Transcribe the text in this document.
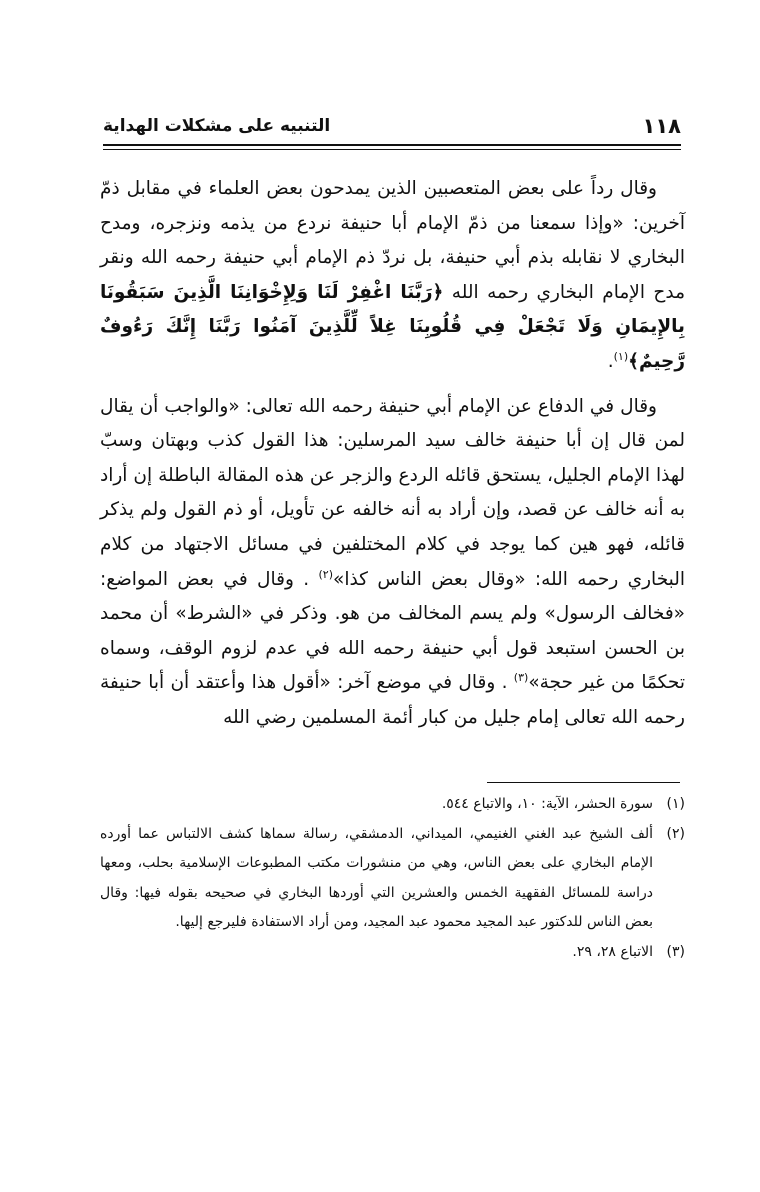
١١٨
التنبيه على مشكلات الهداية

وقال رداً على بعض المتعصبين الذين يمدحون بعض العلماء في مقابل ذمّ آخرين: «وإذا سمعنا من ذمّ الإمام أبا حنيفة نردع من يذمه ونزجره، ومدح البخاري لا نقابله بذم أبي حنيفة، بل نردّ ذم الإمام أبي حنيفة رحمه الله ونقر مدح الإمام البخاري رحمه الله ﴿رَبَّنَا اغْفِرْ لَنَا وَلِإِخْوَانِنَا الَّذِينَ سَبَقُونَا بِالإِيمَانِ وَلَا تَجْعَلْ فِي قُلُوبِنَا غِلاً لِّلَّذِينَ آمَنُوا رَبَّنَا إِنَّكَ رَءُوفٌ رَّحِيمٌ﴾$^{(١)}$.

وقال في الدفاع عن الإمام أبي حنيفة رحمه الله تعالى: «والواجب أن يقال لمن قال إن أبا حنيفة خالف سيد المرسلين: هذا القول كذب وبهتان وسبّ لهذا الإمام الجليل، يستحق قائله الردع والزجر عن هذه المقالة الباطلة إن أراد به أنه خالف عن قصد، وإن أراد به أنه خالفه عن تأويل، أو ذم القول ولم يذكر قائله، فهو هين كما يوجد في كلام المختلفين في مسائل الاجتهاد من كلام البخاري رحمه الله: «وقال بعض الناس كذا»$^{(٢)}$ . وقال في بعض المواضع: «فخالف الرسول» ولم يسم المخالف من هو. وذكر في «الشرط» أن محمد بن الحسن استبعد قول أبي حنيفة رحمه الله في عدم لزوم الوقف، وسماه تحكمًا من غير حجة»$^{(٣)}$ . وقال في موضع آخر: «أقول هذا وأعتقد أن أبا حنيفة رحمه الله تعالى إمام جليل من كبار أئمة المسلمين رضي الله

(١)
سورة الحشر، الآية: ١٠، والاتباع ٥٤٤.
(٢)
ألف الشيخ عبد الغني الغنيمي، الميداني، الدمشقي، رسالة سماها كشف الالتباس عما أورده الإمام البخاري على بعض الناس، وهي من منشورات مكتب المطبوعات الإسلامية بحلب، ومعها دراسة للمسائل الفقهية الخمس والعشرين التي أوردها البخاري في صحيحه بقوله فيها: وقال بعض الناس للدكتور عبد المجيد محمود عبد المجيد، ومن أراد الاستفادة فليرجع إليها.
(٣)
الاتباع ٢٨، ٢٩.
